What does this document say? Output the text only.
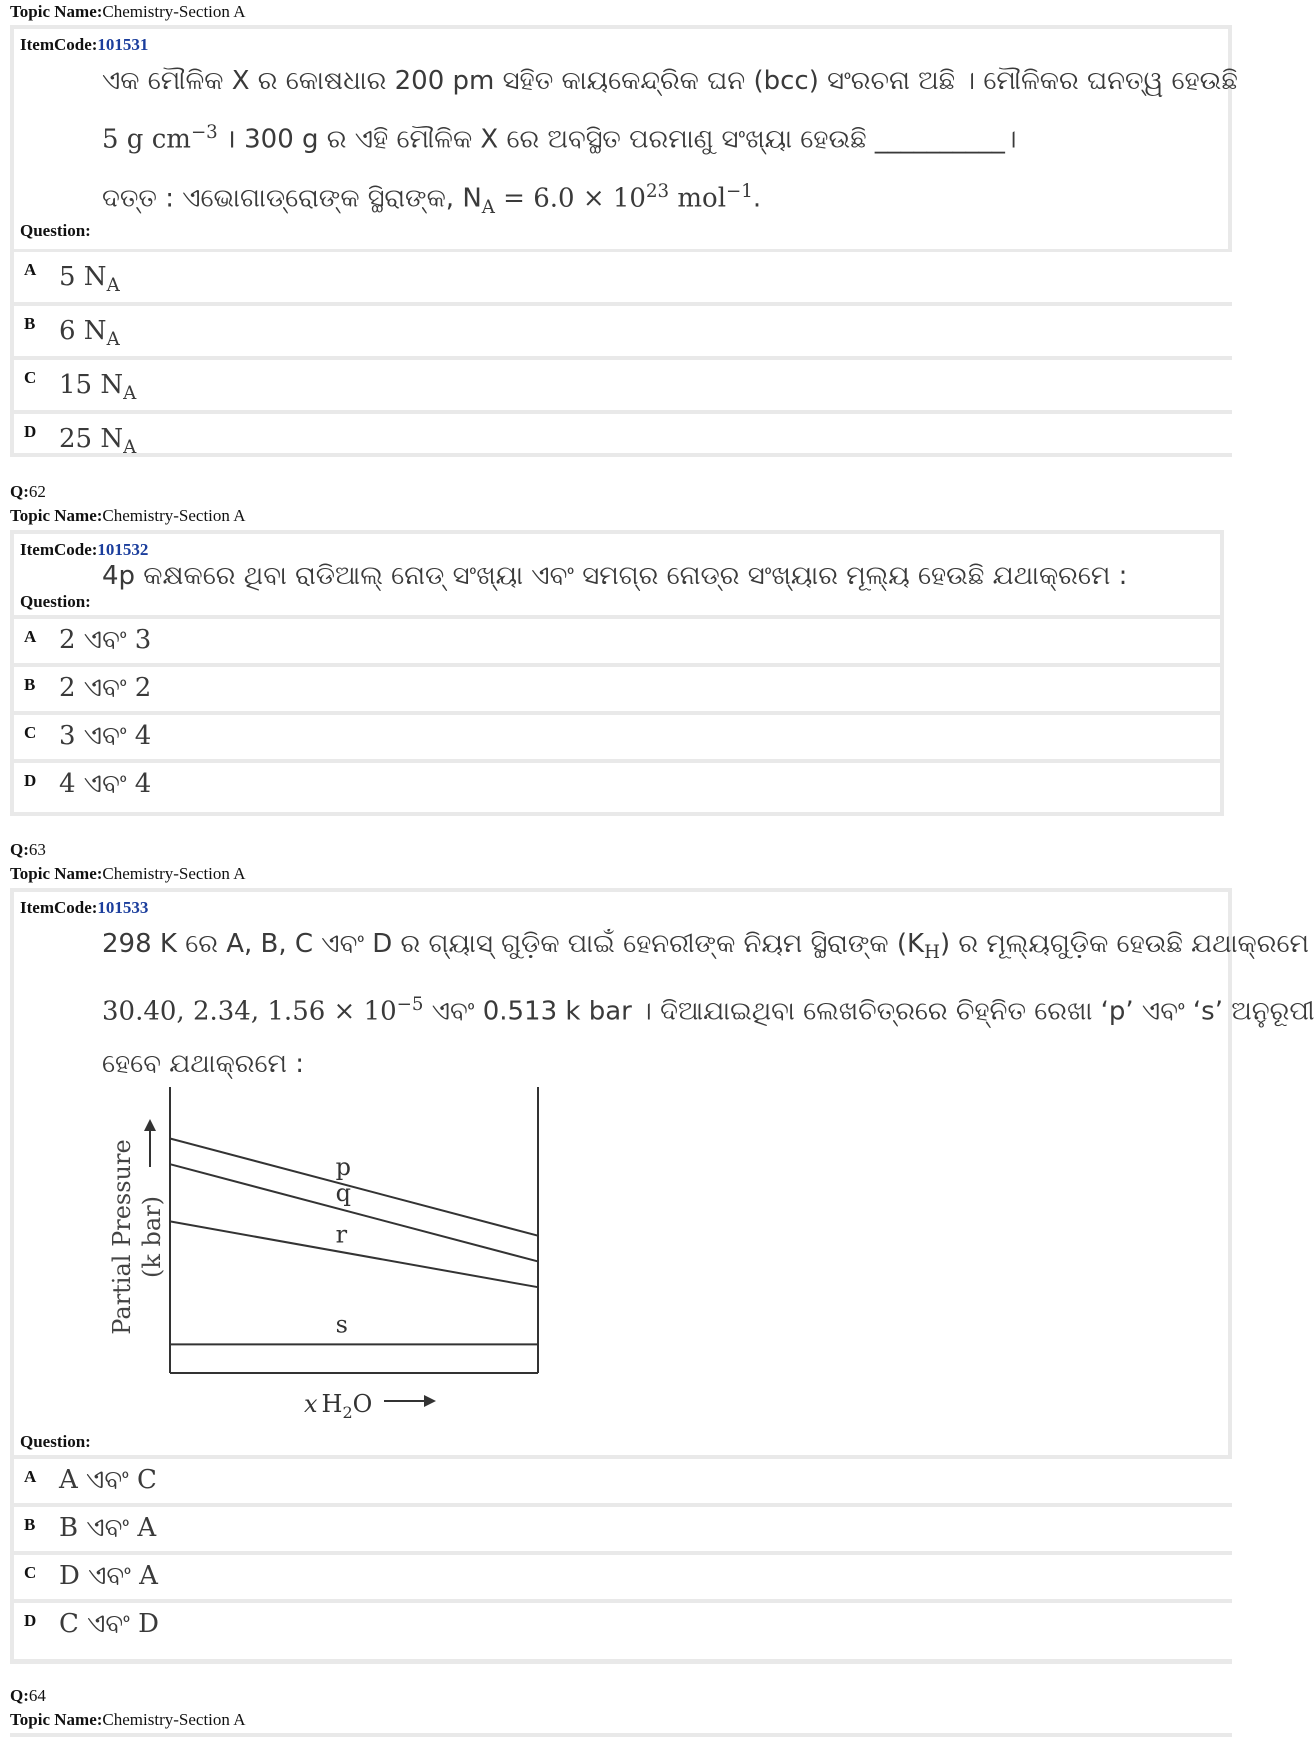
Topic Name:Chemistry-Section A
ItemCode:101531
ଏକ ମୌଳିକ X ର କୋଷଧାର 200 pm ସହିତ କାୟକେନ୍ଦ୍ରିକ ଘନ (bcc) ସଂରଚନା ଅଛି । ମୌଳିକର ଘନତ୍ୱ ହେଉଛି
5 g $cm^{-3}$ । 300 g ର ଏହି ମୌଳିକ X ରେ ଅବସ୍ଥିତ ପରମାଣୁ ସଂଖ୍ୟା ହେଉଛି __________।
ଦତ୍ତ : ଏଭୋଗାଡ୍ରୋଙ୍କ ସ୍ଥିରାଙ୍କ, $N_A = 6.0 \times 10^{23}$ mol$^{-1}$.
Question:
A 5 $N_A$
B 6 $N_A$
C 15 $N_A$
D 25 $N_A$
Q:62
Topic Name:Chemistry-Section A
ItemCode:101532
4p କକ୍ଷକରେ ଥିବା ରାଡିଆଲ୍ ନୋଡ୍ ସଂଖ୍ୟା ଏବଂ ସମଗ୍ର ନୋଡ୍‌ର ସଂଖ୍ୟାର ମୂଲ୍ୟ ହେଉଛି ଯଥାକ୍ରମେ :
Question:
A 2 ଏବଂ 3
B 2 ଏବଂ 2
C 3 ଏବଂ 4
D 4 ଏବଂ 4
Q:63
Topic Name:Chemistry-Section A
ItemCode:101533
298 K ରେ A, B, C ଏବଂ D ର ଗ୍ୟାସ୍ ଗୁଡ଼ିକ ପାଇଁ ହେନରୀଙ୍କ ନିୟମ ସ୍ଥିରାଙ୍କ $(K_H)$ ର ମୂଲ୍ୟଗୁଡ଼ିକ ହେଉଛି ଯଥାକ୍ରମେ
30.40, 2.34, $1.56 \times 10^{-5}$ ଏବଂ 0.513 k bar । ଦିଆଯାଇଥିବା ଲେଖଚିତ୍ରରେ ଚିହ୍ନିତ ରେଖା ‘p’ ଏବଂ ‘s’ ଅନୁରୂପୀ
ହେବେ ଯଥାକ୍ରମେ :
p
q
r
s
Partial Pressure (k bar)
x $H_2O$
Question:
A A ଏବଂ C
B B ଏବଂ A
C D ଏବଂ A
D C ଏବଂ D
Q:64
Topic Name:Chemistry-Section A
